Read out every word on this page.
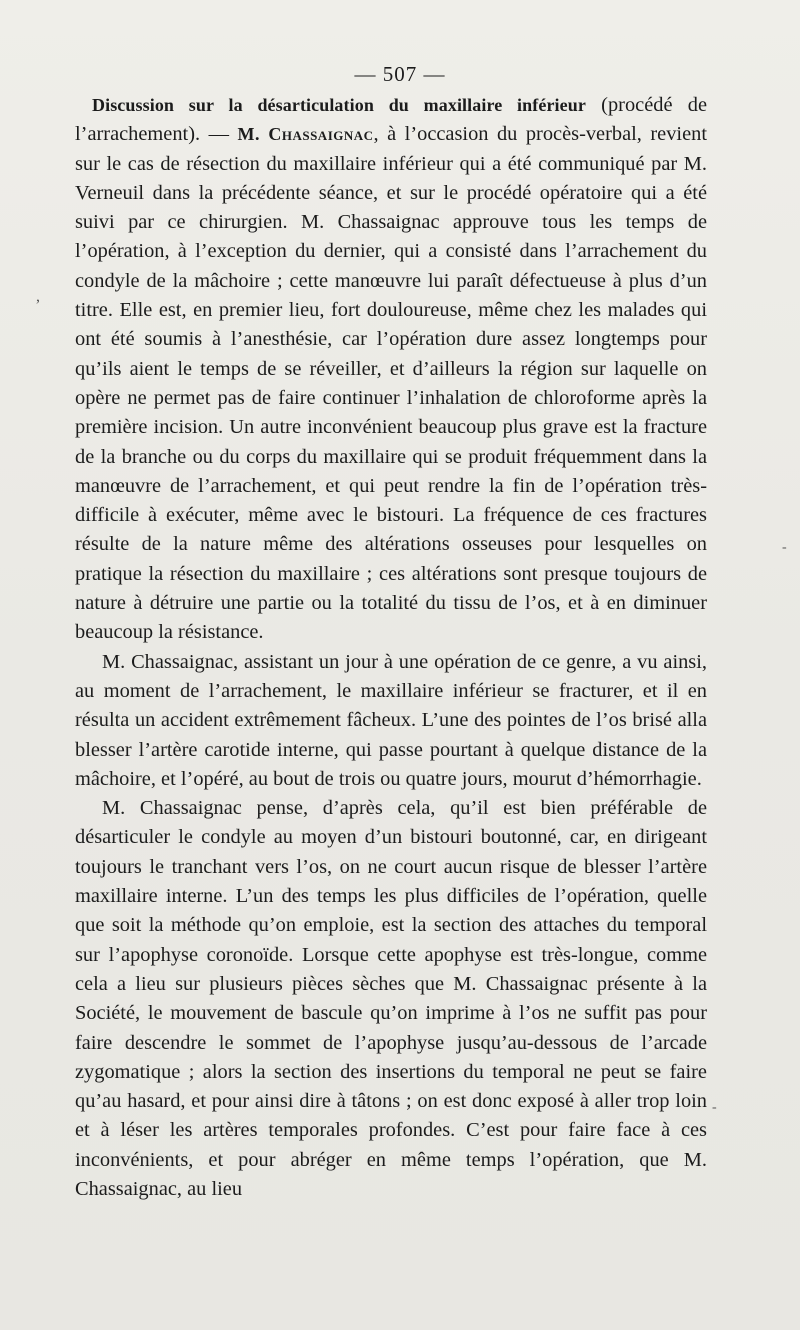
— 507 —

Discussion sur la désarticulation du maxillaire inférieur (procédé de l’arrachement). — M. Chassaignac, à l’occasion du procès-verbal, revient sur le cas de résection du maxillaire inférieur qui a été communiqué par M. Verneuil dans la précédente séance, et sur le procédé opératoire qui a été suivi par ce chirurgien. M. Chassaignac approuve tous les temps de l’opération, à l’exception du dernier, qui a consisté dans l’arrachement du condyle de la mâchoire ; cette manœuvre lui paraît défectueuse à plus d’un titre. Elle est, en premier lieu, fort douloureuse, même chez les malades qui ont été soumis à l’anesthésie, car l’opération dure assez longtemps pour qu’ils aient le temps de se réveiller, et d’ailleurs la région sur laquelle on opère ne permet pas de faire continuer l’inhalation de chloroforme après la première incision. Un autre inconvénient beaucoup plus grave est la fracture de la branche ou du corps du maxillaire qui se produit fréquemment dans la manœuvre de l’arrachement, et qui peut rendre la fin de l’opération très-difficile à exécuter, même avec le bistouri. La fréquence de ces fractures résulte de la nature même des altérations osseuses pour lesquelles on pratique la résection du maxillaire ; ces altérations sont presque toujours de nature à détruire une partie ou la totalité du tissu de l’os, et à en diminuer beaucoup la résistance.

M. Chassaignac, assistant un jour à une opération de ce genre, a vu ainsi, au moment de l’arrachement, le maxillaire inférieur se fracturer, et il en résulta un accident extrêmement fâcheux. L’une des pointes de l’os brisé alla blesser l’artère carotide interne, qui passe pourtant à quelque distance de la mâchoire, et l’opéré, au bout de trois ou quatre jours, mourut d’hémorrhagie.

M. Chassaignac pense, d’après cela, qu’il est bien préférable de désarticuler le condyle au moyen d’un bistouri boutonné, car, en dirigeant toujours le tranchant vers l’os, on ne court aucun risque de blesser l’artère maxillaire interne. L’un des temps les plus difficiles de l’opération, quelle que soit la méthode qu’on emploie, est la section des attaches du temporal sur l’apophyse coronoïde. Lorsque cette apophyse est très-longue, comme cela a lieu sur plusieurs pièces sèches que M. Chassaignac présente à la Société, le mouvement de bascule qu’on imprime à l’os ne suffit pas pour faire descendre le sommet de l’apophyse jusqu’au-dessous de l’arcade zygomatique ; alors la section des insertions du temporal ne peut se faire qu’au hasard, et pour ainsi dire à tâtons ; on est donc exposé à aller trop loin et à léser les artères temporales profondes. C’est pour faire face à ces inconvénients, et pour abréger en même temps l’opération, que M. Chassaignac, au lieu

,
-
-
